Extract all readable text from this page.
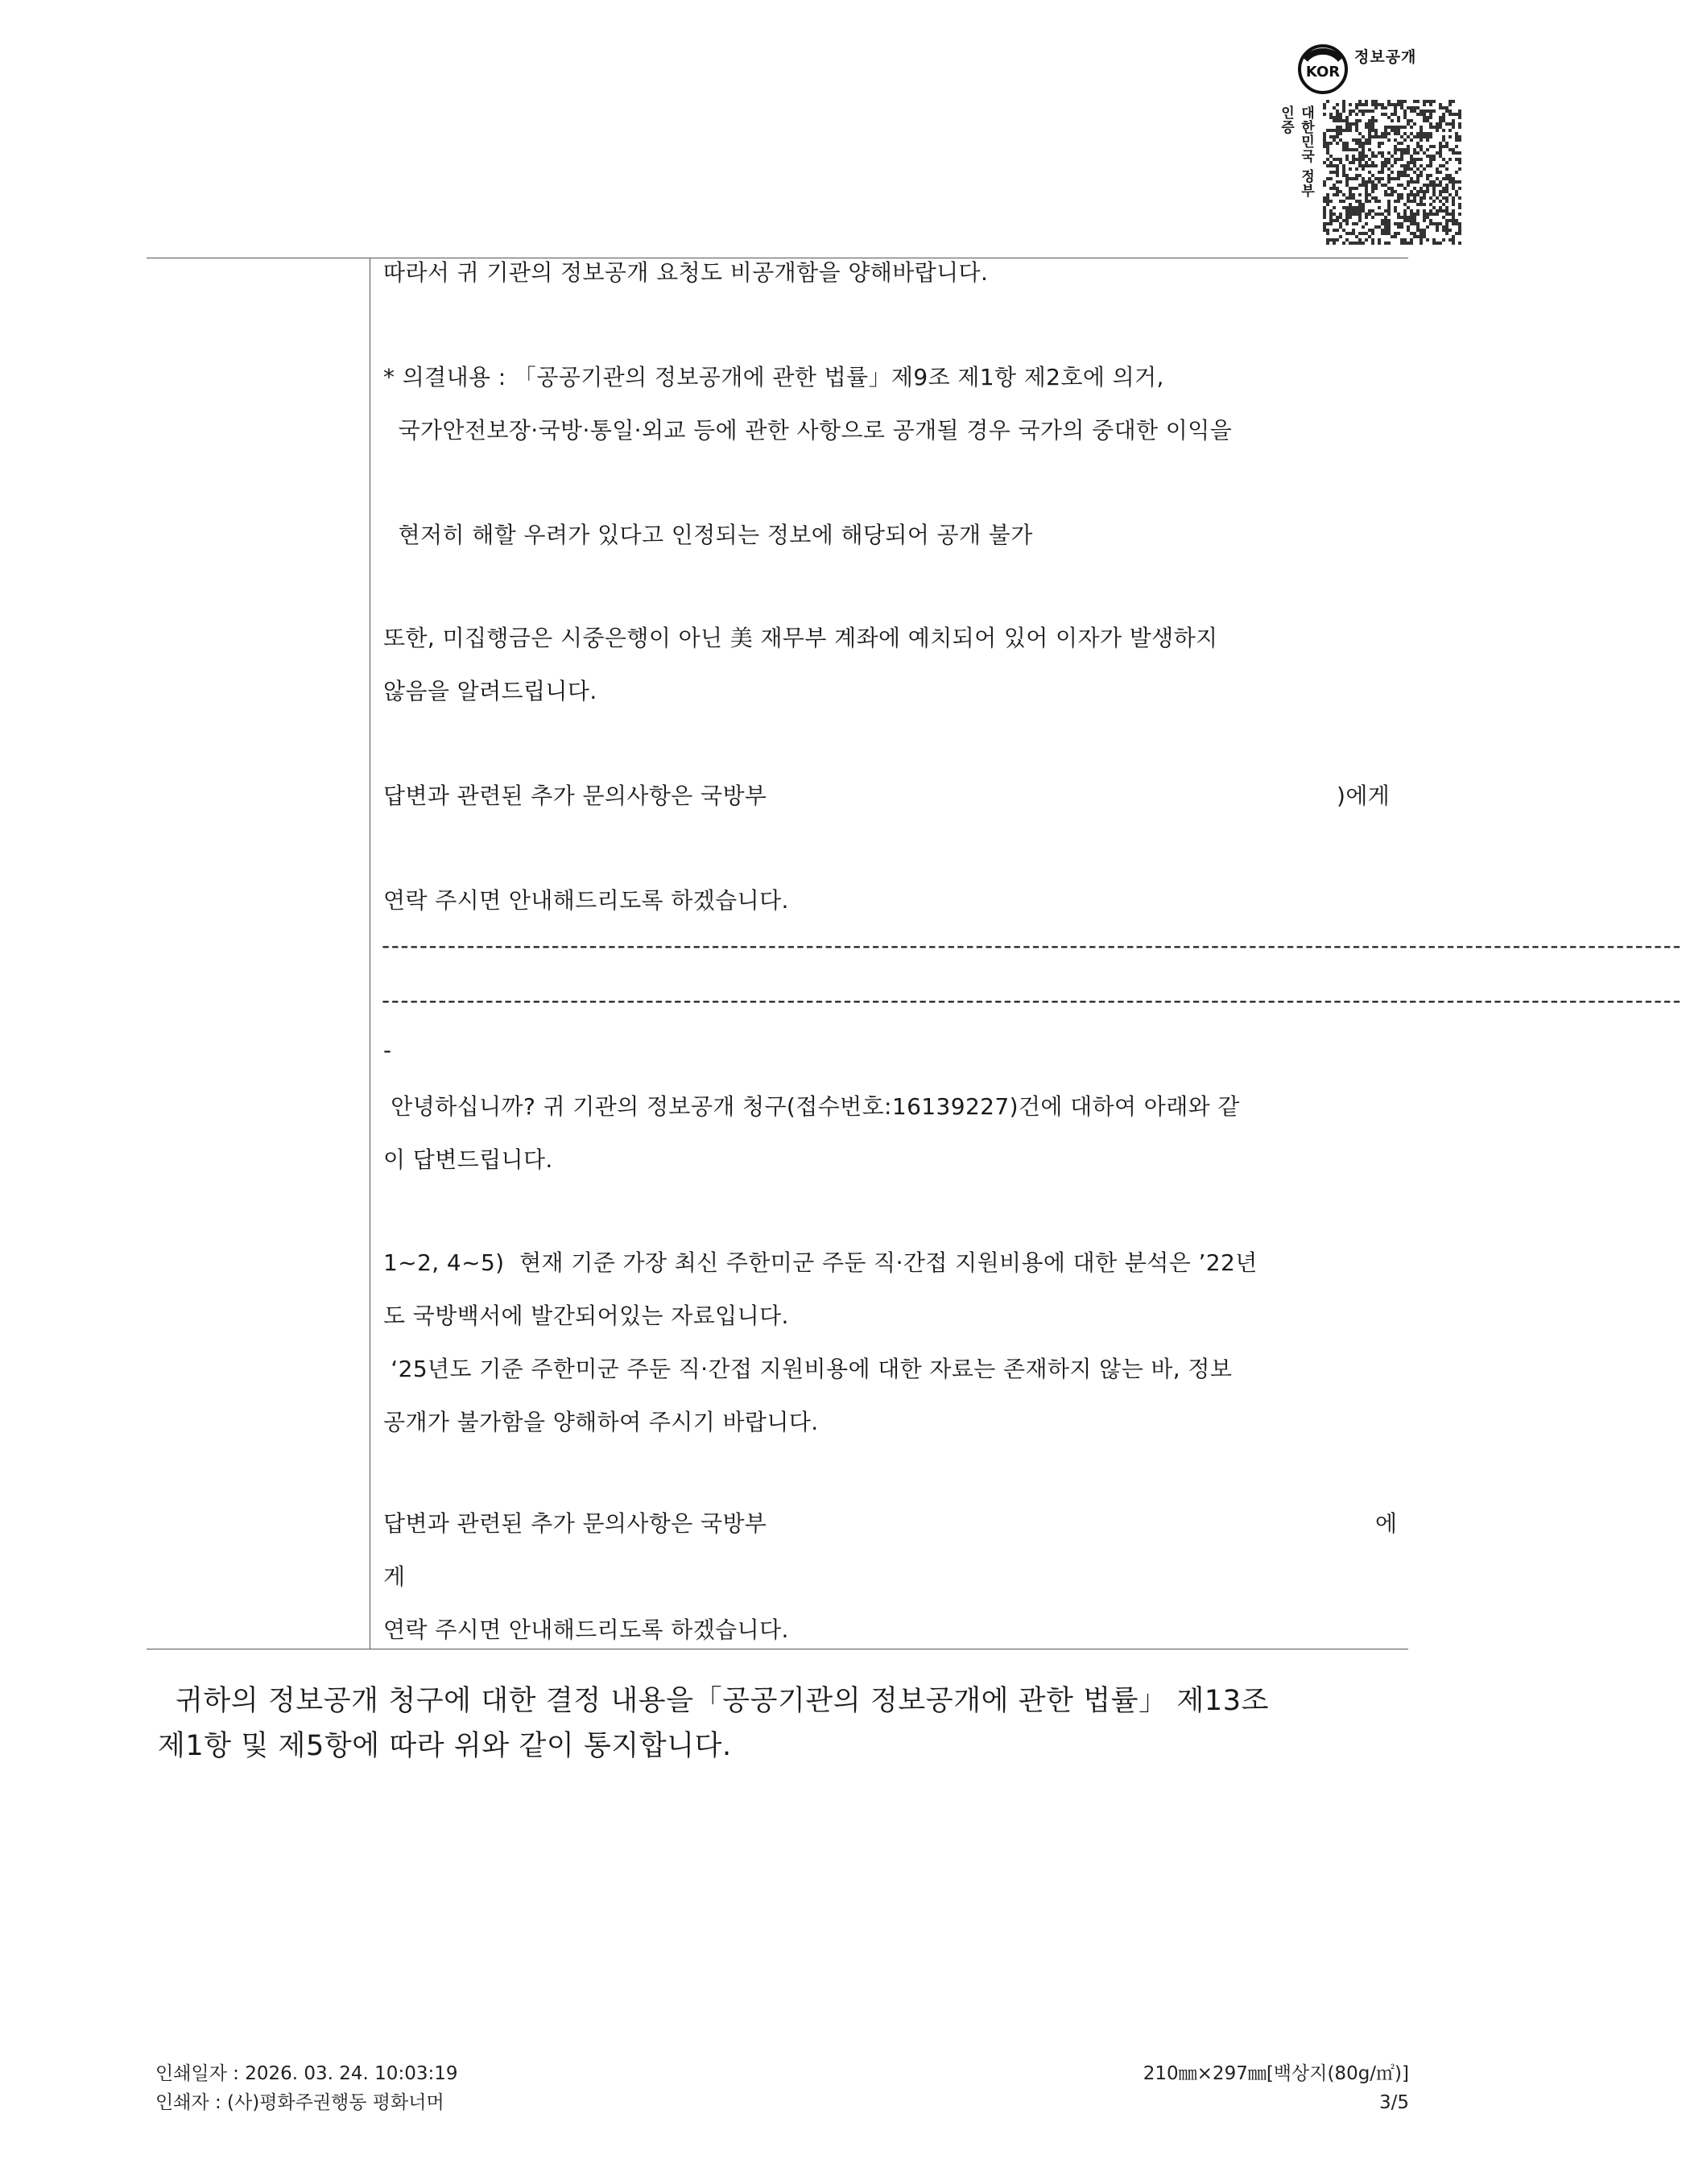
KOR
정보공개
대한민국 정부인증
따라서 귀 기관의 정보공개 요청도 비공개함을 양해바랍니다.
* 의결내용 : 「공공기관의 정보공개에 관한 법률」제9조 제1항 제2호에 의거,
국가안전보장·국방·통일·외교 등에 관한 사항으로 공개될 경우 국가의 중대한 이익을
현저히 해할 우려가 있다고 인정되는 정보에 해당되어 공개 불가
또한, 미집행금은 시중은행이 아닌 美 재무부 계좌에 예치되어 있어 이자가 발생하지
않음을 알려드립니다.
답변과 관련된 추가 문의사항은 국방부	)에게
연락 주시면 안내해드리도록 하겠습니다.
------------------------------------------------------------------------------------------------------------------------------------------
------------------------------------------------------------------------------------------------------------------------------------------
-
안녕하십니까? 귀 기관의 정보공개 청구(접수번호:16139227)건에 대하여 아래와 같
이 답변드립니다.
1~2, 4~5)  현재 기준 가장 최신 주한미군 주둔 직·간접 지원비용에 대한 분석은 ’22년
도 국방백서에 발간되어있는 자료입니다.
‘25년도 기준 주한미군 주둔 직·간접 지원비용에 대한 자료는 존재하지 않는 바, 정보
공개가 불가함을 양해하여 주시기 바랍니다.
답변과 관련된 추가 문의사항은 국방부	에
게
연락 주시면 안내해드리도록 하겠습니다.
귀하의 정보공개 청구에 대한 결정 내용을「공공기관의 정보공개에 관한 법률」 제13조
제1항 및 제5항에 따라 위와 같이 통지합니다.
인쇄일자 : 2026. 03. 24. 10:03:19
인쇄자 : (사)평화주권행동 평화너머
210㎜×297㎜[백상지(80g/㎡)]
3/5
